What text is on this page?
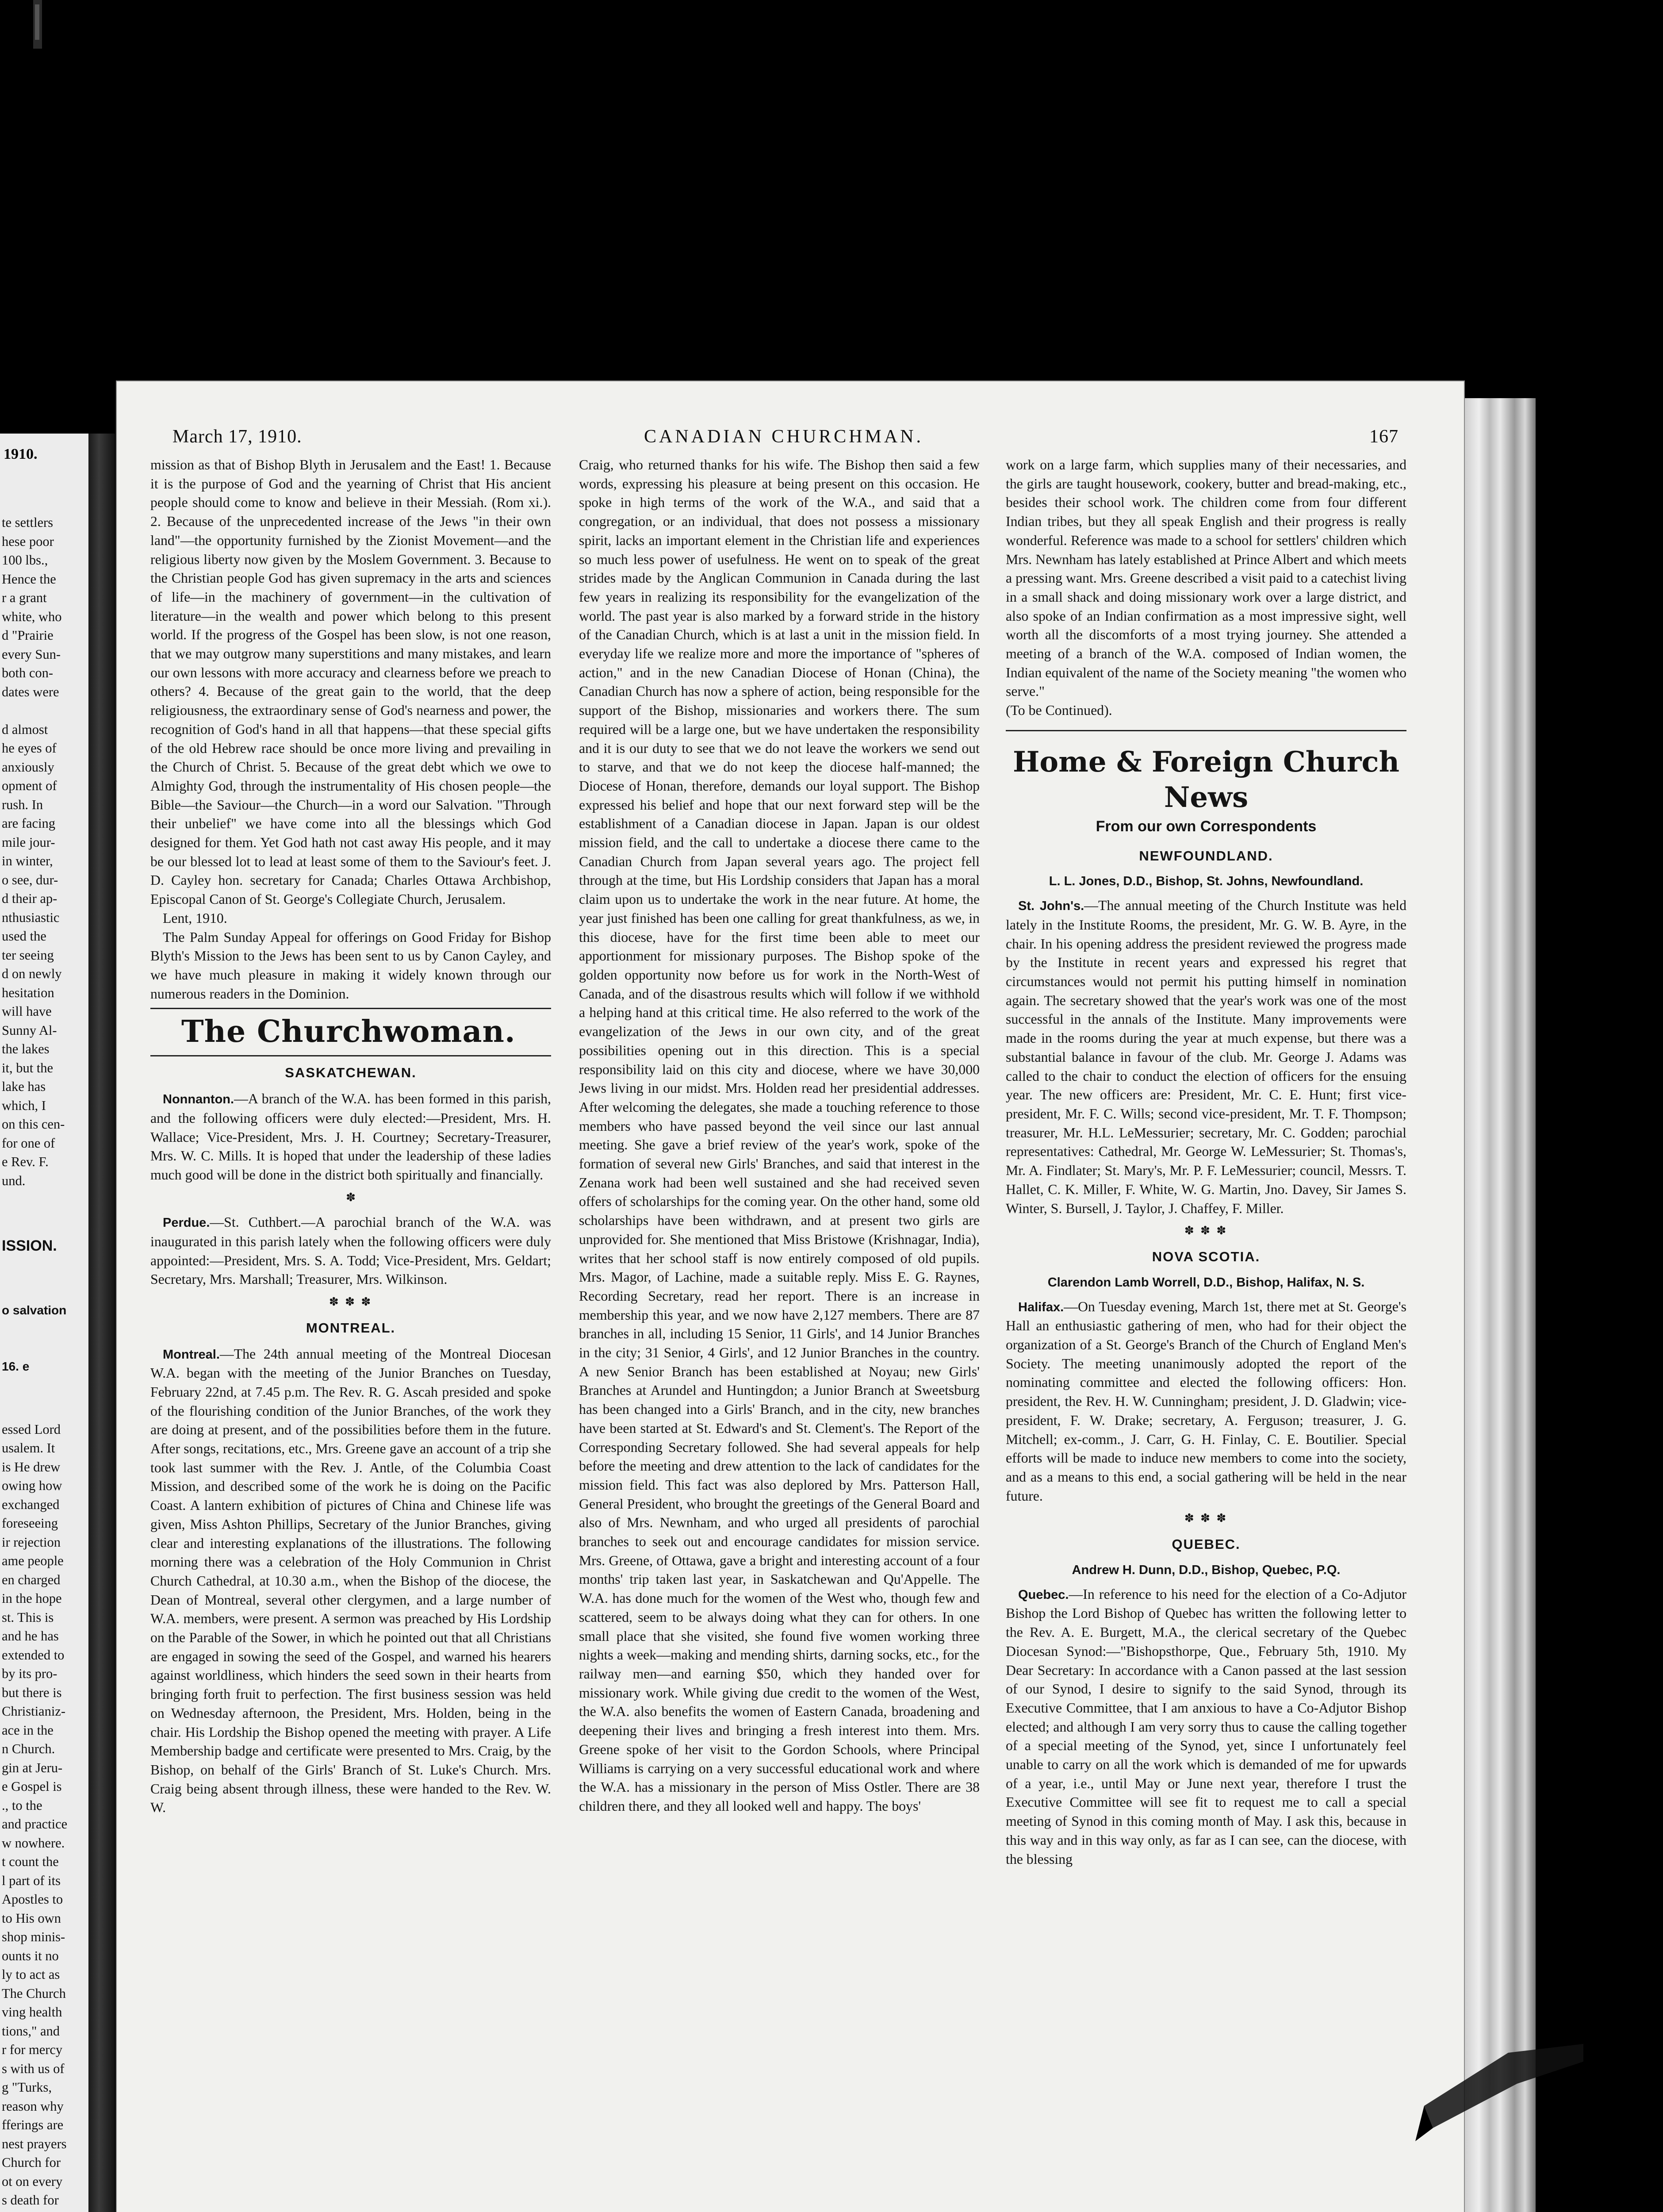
1910.

te settlers
hese poor
100 lbs.,
Hence the
r a grant
white, who
d "Prairie
every Sun-
both con-
dates were

d almost
he eyes of
anxiously
opment of
rush. In
are facing
mile jour-
in winter,
o see, dur-
d their ap-
nthusiastic
used the
ter seeing
d on newly
hesitation
will have
Sunny Al-
the lakes
it, but the
lake has
which, I
on this cen-
for one of
e Rev. F.
und.

ISSION.

o salvation

16. e

essed Lord
usalem. It
is He drew
owing how
exchanged
foreseeing
ir rejection
ame people
en charged
in the hope
st. This is
and he has
extended to
by its pro-
but there is
Christianiz-
ace in the
n Church.
gin at Jeru-
e Gospel is
., to the
and practice
w nowhere.
t count the
l part of its
Apostles to
to His own
shop minis-
ounts it no
ly to act as
The Church
ving health
tions," and
r for mercy
s with us of
g "Turks,
reason why
fferings are
nest prayers
Church for
ot on every
s death for

March 17, 1910.	CANADIAN CHURCHMAN.	167

mission as that of Bishop Blyth in Jerusalem and the East! 1. Because it is the purpose of God and the yearning of Christ that His ancient people should come to know and believe in their Messiah. (Rom xi.). 2. Because of the unprecedented increase of the Jews "in their own land"—the opportunity furnished by the Zionist Movement—and the religious liberty now given by the Moslem Government. 3. Because to the Christian people God has given supremacy in the arts and sciences of life—in the machinery of government—in the cultivation of literature—in the wealth and power which belong to this present world. If the progress of the Gospel has been slow, is not one reason, that we may outgrow many superstitions and many mistakes, and learn our own lessons with more accuracy and clearness before we preach to others? 4. Because of the great gain to the world, that the deep religiousness, the extraordinary sense of God's nearness and power, the recognition of God's hand in all that happens—that these special gifts of the old Hebrew race should be once more living and prevailing in the Church of Christ. 5. Because of the great debt which we owe to Almighty God, through the instrumentality of His chosen people—the Bible—the Saviour—the Church—in a word our Salvation. "Through their unbelief" we have come into all the blessings which God designed for them. Yet God hath not cast away His people, and it may be our blessed lot to lead at least some of them to the Saviour's feet. J. D. Cayley hon. secretary for Canada; Charles Ottawa Archbishop, Episcopal Canon of St. George's Collegiate Church, Jerusalem.

Lent, 1910.

The Palm Sunday Appeal for offerings on Good Friday for Bishop Blyth's Mission to the Jews has been sent to us by Canon Cayley, and we have much pleasure in making it widely known through our numerous readers in the Dominion.

The Churchwoman.
SASKATCHEWAN.

Nonnanton.—A branch of the W.A. has been formed in this parish, and the following officers were duly elected:—President, Mrs. H. Wallace; Vice-President, Mrs. J. H. Courtney; Secretary-Treasurer, Mrs. W. C. Mills. It is hoped that under the leadership of these ladies much good will be done in the district both spiritually and financially.

✽

Perdue.—St. Cuthbert.—A parochial branch of the W.A. was inaugurated in this parish lately when the following officers were duly appointed:—President, Mrs. S. A. Todd; Vice-President, Mrs. Geldart; Secretary, Mrs. Marshall; Treasurer, Mrs. Wilkinson.

✽ ✽ ✽
MONTREAL.

Montreal.—The 24th annual meeting of the Montreal Diocesan W.A. began with the meeting of the Junior Branches on Tuesday, February 22nd, at 7.45 p.m. The Rev. R. G. Ascah presided and spoke of the flourishing condition of the Junior Branches, of the work they are doing at present, and of the possibilities before them in the future. After songs, recitations, etc., Mrs. Greene gave an account of a trip she took last summer with the Rev. J. Antle, of the Columbia Coast Mission, and described some of the work he is doing on the Pacific Coast. A lantern exhibition of pictures of China and Chinese life was given, Miss Ashton Phillips, Secretary of the Junior Branches, giving clear and interesting explanations of the illustrations. The following morning there was a celebration of the Holy Communion in Christ Church Cathedral, at 10.30 a.m., when the Bishop of the diocese, the Dean of Montreal, several other clergymen, and a large number of W.A. members, were present. A sermon was preached by His Lordship on the Parable of the Sower, in which he pointed out that all Christians are engaged in sowing the seed of the Gospel, and warned his hearers against worldliness, which hinders the seed sown in their hearts from bringing forth fruit to perfection. The first business session was held on Wednesday afternoon, the President, Mrs. Holden, being in the chair. His Lordship the Bishop opened the meeting with prayer. A Life Membership badge and certificate were presented to Mrs. Craig, by the Bishop, on behalf of the Girls' Branch of St. Luke's Church. Mrs. Craig being absent through illness, these were handed to the Rev. W. W.

Craig, who returned thanks for his wife. The Bishop then said a few words, expressing his pleasure at being present on this occasion. He spoke in high terms of the work of the W.A., and said that a congregation, or an individual, that does not possess a missionary spirit, lacks an important element in the Christian life and experiences so much less power of usefulness. He went on to speak of the great strides made by the Anglican Communion in Canada during the last few years in realizing its responsibility for the evangelization of the world. The past year is also marked by a forward stride in the history of the Canadian Church, which is at last a unit in the mission field. In everyday life we realize more and more the importance of "spheres of action," and in the new Canadian Diocese of Honan (China), the Canadian Church has now a sphere of action, being responsible for the support of the Bishop, missionaries and workers there. The sum required will be a large one, but we have undertaken the responsibility and it is our duty to see that we do not leave the workers we send out to starve, and that we do not keep the diocese half-manned; the Diocese of Honan, therefore, demands our loyal support. The Bishop expressed his belief and hope that our next forward step will be the establishment of a Canadian diocese in Japan. Japan is our oldest mission field, and the call to undertake a diocese there came to the Canadian Church from Japan several years ago. The project fell through at the time, but His Lordship considers that Japan has a moral claim upon us to undertake the work in the near future. At home, the year just finished has been one calling for great thankfulness, as we, in this diocese, have for the first time been able to meet our apportionment for missionary purposes. The Bishop spoke of the golden opportunity now before us for work in the North-West of Canada, and of the disastrous results which will follow if we withhold a helping hand at this critical time. He also referred to the work of the evangelization of the Jews in our own city, and of the great possibilities opening out in this direction. This is a special responsibility laid on this city and diocese, where we have 30,000 Jews living in our midst. Mrs. Holden read her presidential addresses. After welcoming the delegates, she made a touching reference to those members who have passed beyond the veil since our last annual meeting. She gave a brief review of the year's work, spoke of the formation of several new Girls' Branches, and said that interest in the Zenana work had been well sustained and she had received seven offers of scholarships for the coming year. On the other hand, some old scholarships have been withdrawn, and at present two girls are unprovided for. She mentioned that Miss Bristowe (Krishnagar, India), writes that her school staff is now entirely composed of old pupils. Mrs. Magor, of Lachine, made a suitable reply. Miss E. G. Raynes, Recording Secretary, read her report. There is an increase in membership this year, and we now have 2,127 members. There are 87 branches in all, including 15 Senior, 11 Girls', and 14 Junior Branches in the city; 31 Senior, 4 Girls', and 12 Junior Branches in the country. A new Senior Branch has been established at Noyau; new Girls' Branches at Arundel and Huntingdon; a Junior Branch at Sweetsburg has been changed into a Girls' Branch, and in the city, new branches have been started at St. Edward's and St. Clement's. The Report of the Corresponding Secretary followed. She had several appeals for help before the meeting and drew attention to the lack of candidates for the mission field. This fact was also deplored by Mrs. Patterson Hall, General President, who brought the greetings of the General Board and also of Mrs. Newnham, and who urged all presidents of parochial branches to seek out and encourage candidates for mission service. Mrs. Greene, of Ottawa, gave a bright and interesting account of a four months' trip taken last year, in Saskatchewan and Qu'Appelle. The W.A. has done much for the women of the West who, though few and scattered, seem to be always doing what they can for others. In one small place that she visited, she found five women working three nights a week—making and mending shirts, darning socks, etc., for the railway men—and earning $50, which they handed over for missionary work. While giving due credit to the women of the West, the W.A. also benefits the women of Eastern Canada, broadening and deepening their lives and bringing a fresh interest into them. Mrs. Greene spoke of her visit to the Gordon Schools, where Principal Williams is carrying on a very successful educational work and where the W.A. has a missionary in the person of Miss Ostler. There are 38 children there, and they all looked well and happy. The boys'

work on a large farm, which supplies many of their necessaries, and the girls are taught housework, cookery, butter and bread-making, etc., besides their school work. The children come from four different Indian tribes, but they all speak English and their progress is really wonderful. Reference was made to a school for settlers' children which Mrs. Newnham has lately established at Prince Albert and which meets a pressing want. Mrs. Greene described a visit paid to a catechist living in a small shack and doing missionary work over a large district, and also spoke of an Indian confirmation as a most impressive sight, well worth all the discomforts of a most trying journey. She attended a meeting of a branch of the W.A. composed of Indian women, the Indian equivalent of the name of the Society meaning "the women who serve."

(To be Continued).

Home & Foreign Church News
From our own Correspondents
NEWFOUNDLAND.
L. L. Jones, D.D., Bishop, St. Johns, Newfoundland.

St. John's.—The annual meeting of the Church Institute was held lately in the Institute Rooms, the president, Mr. G. W. B. Ayre, in the chair. In his opening address the president reviewed the progress made by the Institute in recent years and expressed his regret that circumstances would not permit his putting himself in nomination again. The secretary showed that the year's work was one of the most successful in the annals of the Institute. Many improvements were made in the rooms during the year at much expense, but there was a substantial balance in favour of the club. Mr. George J. Adams was called to the chair to conduct the election of officers for the ensuing year. The new officers are: President, Mr. C. E. Hunt; first vice-president, Mr. F. C. Wills; second vice-president, Mr. T. F. Thompson; treasurer, Mr. H.L. LeMessurier; secretary, Mr. C. Godden; parochial representatives: Cathedral, Mr. George W. LeMessurier; St. Thomas's, Mr. A. Findlater; St. Mary's, Mr. P. F. LeMessurier; council, Messrs. T. Hallet, C. K. Miller, F. White, W. G. Martin, Jno. Davey, Sir James S. Winter, S. Bursell, J. Taylor, J. Chaffey, F. Miller.

✽ ✽ ✽
NOVA SCOTIA.
Clarendon Lamb Worrell, D.D., Bishop, Halifax, N. S.

Halifax.—On Tuesday evening, March 1st, there met at St. George's Hall an enthusiastic gathering of men, who had for their object the organization of a St. George's Branch of the Church of England Men's Society. The meeting unanimously adopted the report of the nominating committee and elected the following officers: Hon. president, the Rev. H. W. Cunningham; president, J. D. Gladwin; vice-president, F. W. Drake; secretary, A. Ferguson; treasurer, J. G. Mitchell; ex-comm., J. Carr, G. H. Finlay, C. E. Boutilier. Special efforts will be made to induce new members to come into the society, and as a means to this end, a social gathering will be held in the near future.

✽ ✽ ✽
QUEBEC.
Andrew H. Dunn, D.D., Bishop, Quebec, P.Q.

Quebec.—In reference to his need for the election of a Co-Adjutor Bishop the Lord Bishop of Quebec has written the following letter to the Rev. A. E. Burgett, M.A., the clerical secretary of the Quebec Diocesan Synod:—"Bishopsthorpe, Que., February 5th, 1910. My Dear Secretary: In accordance with a Canon passed at the last session of our Synod, I desire to signify to the said Synod, through its Executive Committee, that I am anxious to have a Co-Adjutor Bishop elected; and although I am very sorry thus to cause the calling together of a special meeting of the Synod, yet, since I unfortunately feel unable to carry on all the work which is demanded of me for upwards of a year, i.e., until May or June next year, therefore I trust the Executive Committee will see fit to request me to call a special meeting of Synod in this coming month of May. I ask this, because in this way and in this way only, as far as I can see, can the diocese, with the blessing
